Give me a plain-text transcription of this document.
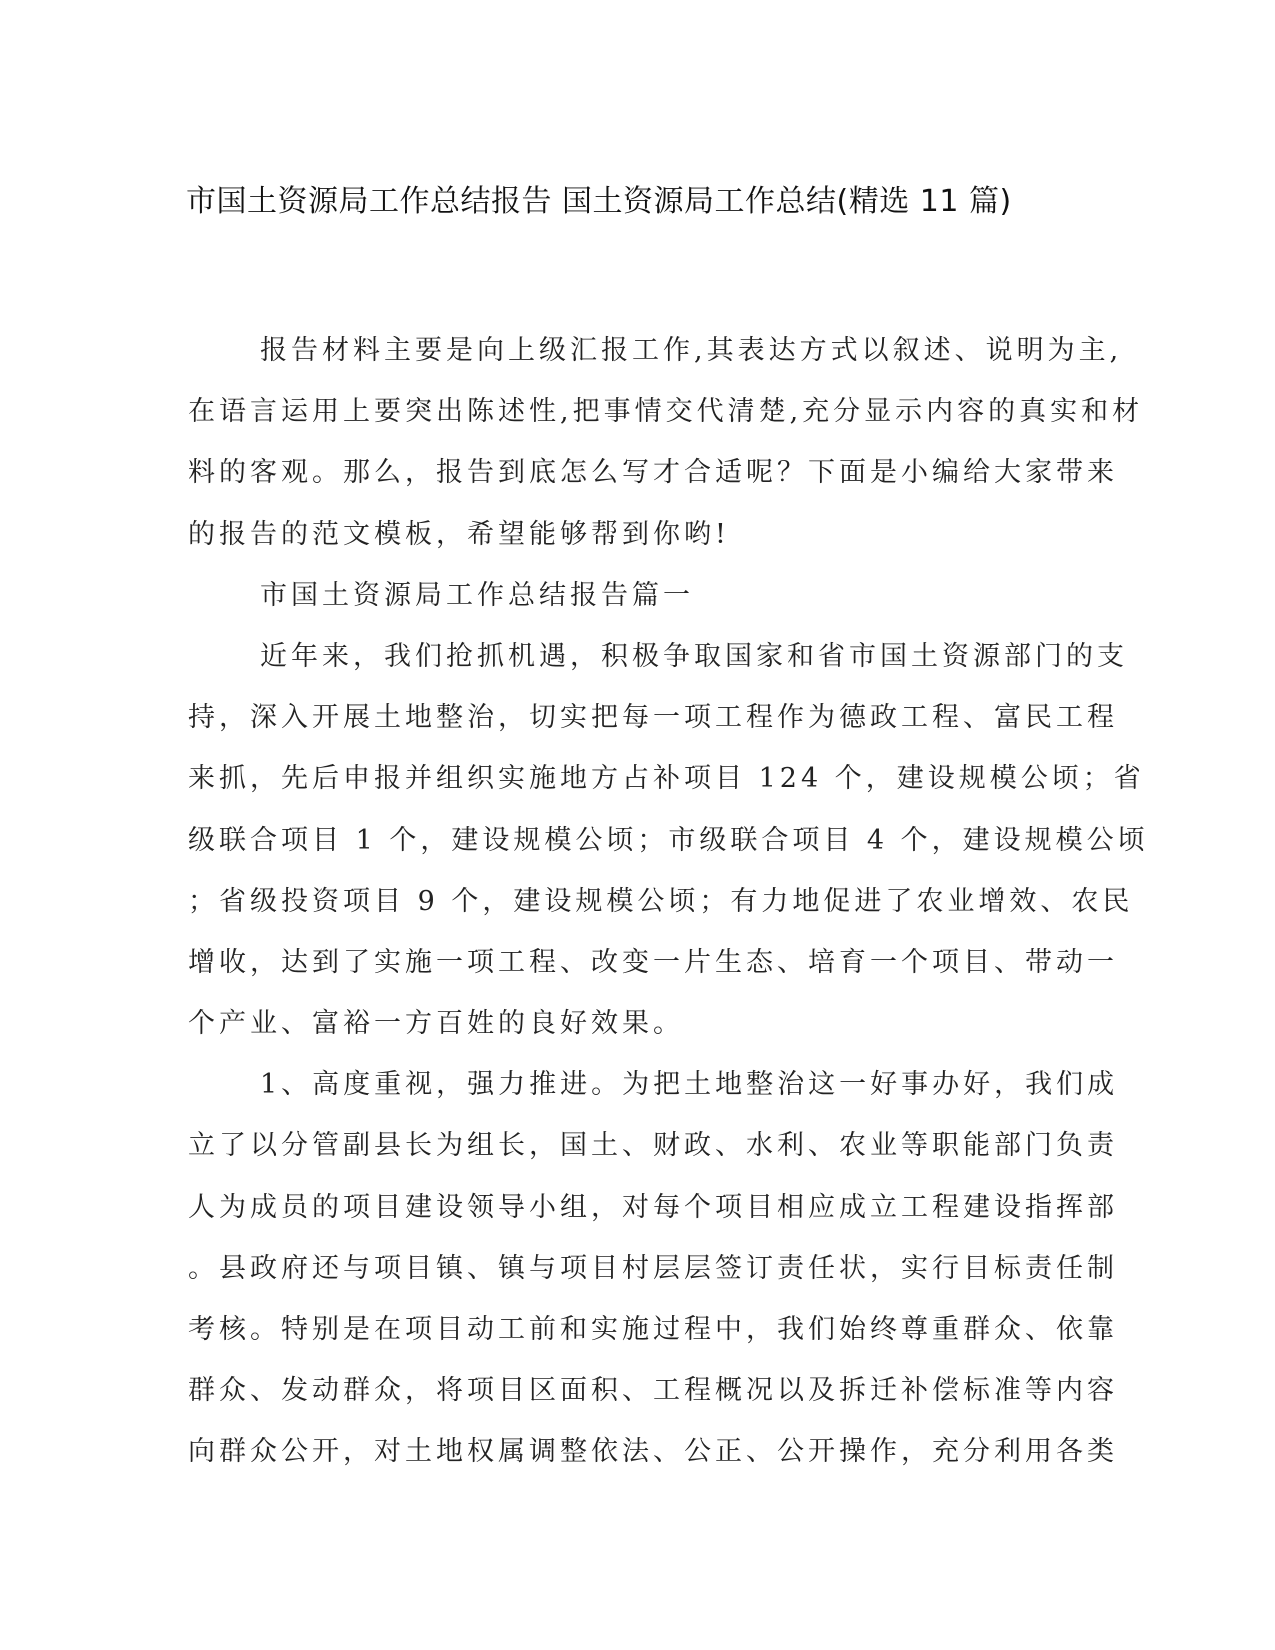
市国土资源局工作总结报告 国土资源局工作总结(精选 11 篇)
报告材料主要是向上级汇报工作,其表达方式以叙述、说明为主,
在语言运用上要突出陈述性,把事情交代清楚,充分显示内容的真实和材
料的客观。那么，报告到底怎么写才合适呢？下面是小编给大家带来
的报告的范文模板，希望能够帮到你哟!
市国土资源局工作总结报告篇一
近年来，我们抢抓机遇，积极争取国家和省市国土资源部门的支
持，深入开展土地整治，切实把每一项工程作为德政工程、富民工程
来抓，先后申报并组织实施地方占补项目 124 个，建设规模公顷；省
级联合项目 1 个，建设规模公顷；市级联合项目 4 个，建设规模公顷
；省级投资项目 9 个，建设规模公顷；有力地促进了农业增效、农民
增收，达到了实施一项工程、改变一片生态、培育一个项目、带动一
个产业、富裕一方百姓的良好效果。
1、高度重视，强力推进。为把土地整治这一好事办好，我们成
立了以分管副县长为组长，国土、财政、水利、农业等职能部门负责
人为成员的项目建设领导小组，对每个项目相应成立工程建设指挥部
。县政府还与项目镇、镇与项目村层层签订责任状，实行目标责任制
考核。特别是在项目动工前和实施过程中，我们始终尊重群众、依靠
群众、发动群众，将项目区面积、工程概况以及拆迁补偿标准等内容
向群众公开，对土地权属调整依法、公正、公开操作，充分利用各类
